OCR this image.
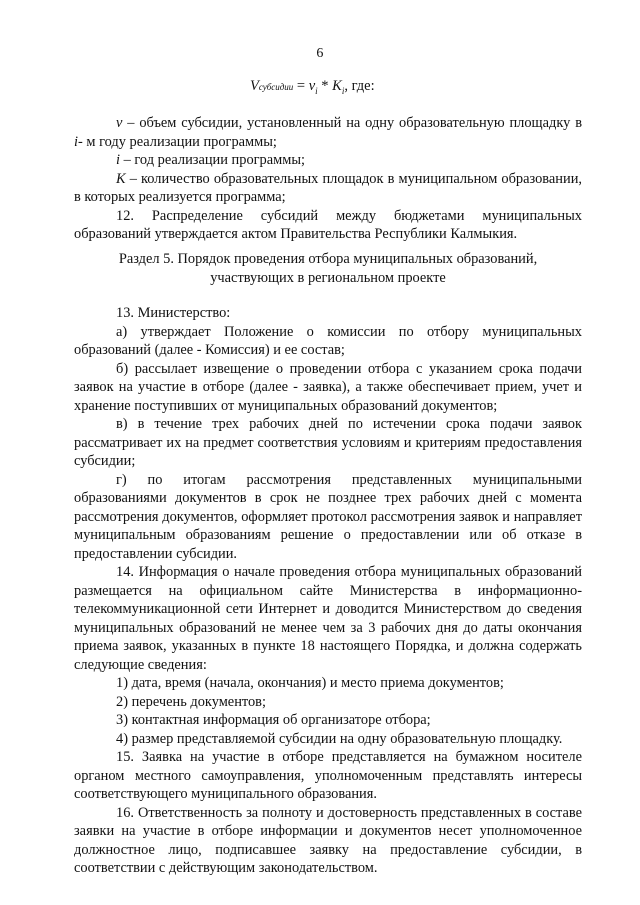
6
Vсубсидии = $v_i * K_i$, где:

v – объем субсидии, установленный на одну образовательную площадку в i- м году реализации программы;

i – год реализации программы;

K – количество образовательных площадок в муниципальном образовании, в которых реализуется программа;

12. Распределение субсидий между бюджетами муниципальных образований утверждается актом Правительства Республики Калмыкия.

Раздел 5. Порядок проведения отбора муниципальных образований, участвующих в региональном проекте

13. Министерство:

а) утверждает Положение о комиссии по отбору муниципальных образований (далее - Комиссия) и ее состав;

б) рассылает извещение о проведении отбора с указанием срока подачи заявок на участие в отборе (далее - заявка), а также обеспечивает прием, учет и хранение поступивших от муниципальных образований документов;

в) в течение трех рабочих дней по истечении срока подачи заявок рассматривает их на предмет соответствия условиям и критериям предоставления субсидии;

г) по итогам рассмотрения представленных муниципальными образованиями документов в срок не позднее трех рабочих дней с момента рассмотрения документов, оформляет протокол рассмотрения заявок и направляет муниципальным образованиям решение о предоставлении или об отказе в предоставлении субсидии.

14. Информация о начале проведения отбора муниципальных образований размещается на официальном сайте Министерства в информационно-телекоммуникационной сети Интернет и доводится Министерством до сведения муниципальных образований не менее чем за 3 рабочих дня до даты окончания приема заявок, указанных в пункте 18 настоящего Порядка, и должна содержать следующие сведения:

1) дата, время (начала, окончания) и место приема документов;

2) перечень документов;

3) контактная информация об организаторе отбора;

4) размер представляемой субсидии на одну образовательную площадку.

15. Заявка на участие в отборе представляется на бумажном носителе органом местного самоуправления, уполномоченным представлять интересы соответствующего муниципального образования.

16. Ответственность за полноту и достоверность представленных в составе заявки на участие в отборе информации и документов несет уполномоченное должностное лицо, подписавшее заявку на предоставление субсидии, в соответствии с действующим законодательством.
